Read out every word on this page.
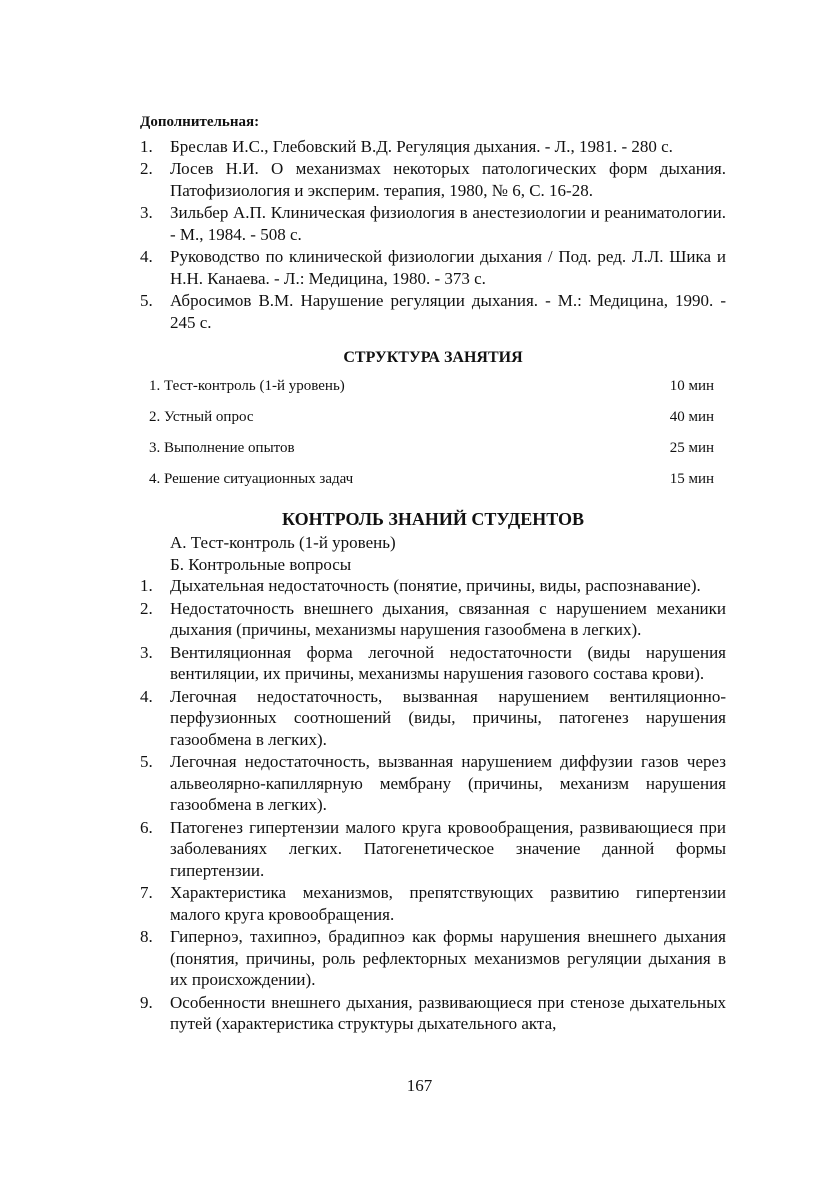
Дополнительная:
1.	Бреслав И.С., Глебовский В.Д. Регуляция дыхания. - Л., 1981. - 280 с.
2.	Лосев Н.И. О механизмах некоторых патологических форм дыхания. Патофизиология и эксперим. терапия, 1980, № 6, С. 16-28.
3.	Зильбер А.П. Клиническая физиология в анестезиологии и реаниматологии. - М., 1984. - 508 с.
4.	Руководство по клинической физиологии дыхания / Под. ред. Л.Л. Шика и Н.Н. Канаева. - Л.: Медицина, 1980. - 373 с.
5.	Абросимов В.М. Нарушение регуляции дыхания. - М.: Медицина, 1990. - 245 с.
СТРУКТУРА ЗАНЯТИЯ
1. Тест-контроль (1-й уровень)	10 мин
2. Устный опрос	40 мин
3. Выполнение опытов	25 мин
4. Решение ситуационных задач	15 мин
КОНТРОЛЬ ЗНАНИЙ СТУДЕНТОВ
А. Тест-контроль (1-й уровень)
Б. Контрольные вопросы
1.	Дыхательная недостаточность (понятие, причины, виды, распознавание).
2.	Недостаточность внешнего дыхания, связанная с нарушением механики дыхания (причины, механизмы нарушения газообмена в легких).
3.	Вентиляционная форма легочной недостаточности (виды нарушения вентиляции, их причины, механизмы нарушения газового состава крови).
4.	Легочная недостаточность, вызванная нарушением вентиляционно-перфузионных соотношений (виды, причины, патогенез нарушения газообмена в легких).
5.	Легочная недостаточность, вызванная нарушением диффузии газов через альвеолярно-капиллярную мембрану (причины, механизм нарушения газообмена в легких).
6.	Патогенез гипертензии малого круга кровообращения, развивающиеся при заболеваниях легких. Патогенетическое значение данной формы гипертензии.
7.	Характеристика механизмов, препятствующих развитию гипертензии малого круга кровообращения.
8.	Гиперноэ, тахипноэ, брадипноэ как формы нарушения внешнего дыхания (понятия, причины, роль рефлекторных механизмов регуляции дыхания в их происхождении).
9.	Особенности внешнего дыхания, развивающиеся при стенозе дыхательных путей (характеристика структуры дыхательного акта,
167
